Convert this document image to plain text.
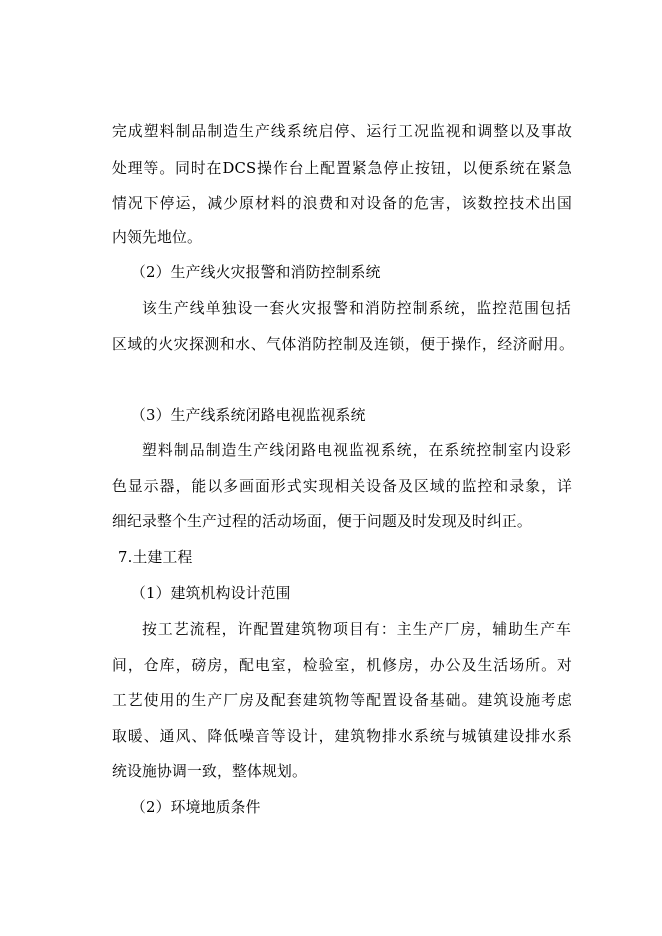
完成塑料制品制造生产线系统启停、运行工况监视和调整以及事故
处理等。同时在DCS操作台上配置紧急停止按钮，以便系统在紧急
情况下停运，减少原材料的浪费和对设备的危害，该数控技术出国
内领先地位。
（2）生产线火灾报警和消防控制系统
该生产线单独设一套火灾报警和消防控制系统，监控范围包括
区域的火灾探测和水、气体消防控制及连锁，便于操作，经济耐用。
（3）生产线系统闭路电视监视系统
塑料制品制造生产线闭路电视监视系统，在系统控制室内设彩
色显示器，能以多画面形式实现相关设备及区域的监控和录象，详
细纪录整个生产过程的活动场面，便于问题及时发现及时纠正。
7.土建工程
（1）建筑机构设计范围
按工艺流程，许配置建筑物项目有：主生产厂房，辅助生产车
间，仓库，磅房，配电室，检验室，机修房，办公及生活场所。对
工艺使用的生产厂房及配套建筑物等配置设备基础。建筑设施考虑
取暖、通风、降低噪音等设计，建筑物排水系统与城镇建设排水系
统设施协调一致，整体规划。
（2）环境地质条件
